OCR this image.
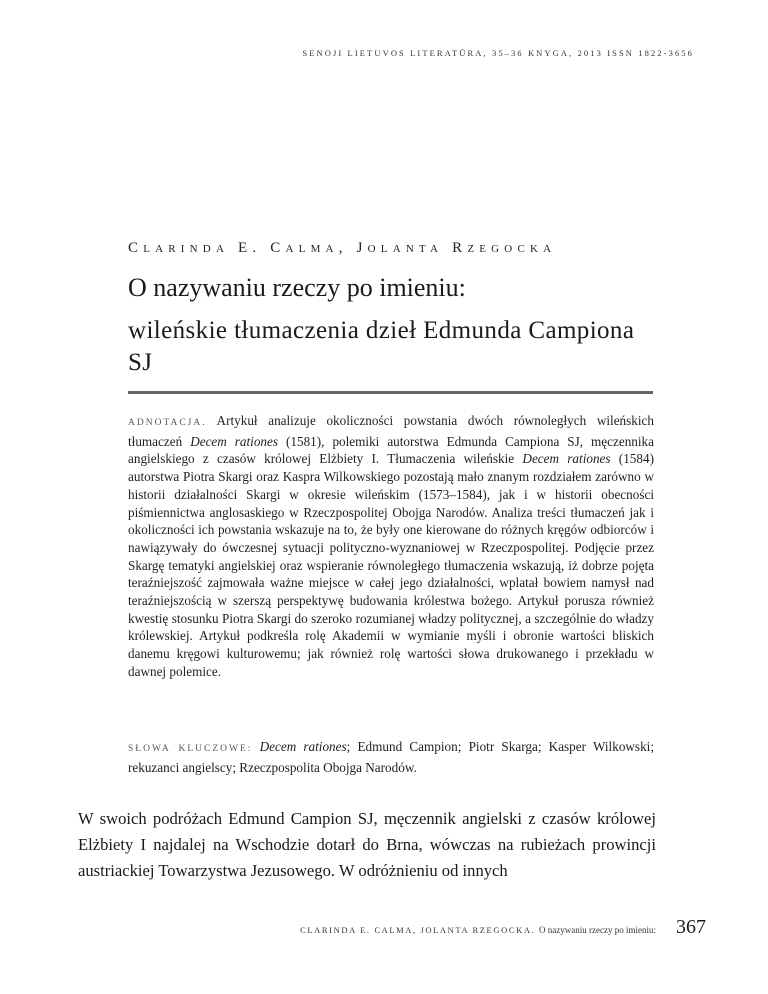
SENOJI LIETUVOS LITERATŪRA, 35–36 KNYGA, 2013 ISSN 1822-3656
Clarinda E. Calma, Jolanta Rzegocka
O nazywaniu rzeczy po imieniu:
wileńskie tłumaczenia dzieł Edmunda Campiona SJ

ADNOTACJA. Artykuł analizuje okoliczności powstania dwóch równoległych wileńskich tłumaczeń Decem rationes (1581), polemiki autorstwa Edmunda Campiona SJ, męczennika angielskiego z czasów królowej Elżbiety I. Tłumaczenia wileńskie Decem rationes (1584) autorstwa Piotra Skargi oraz Kaspra Wilkowskiego pozostają mało znanym rozdziałem zarówno w historii działalności Skargi w okresie wileńskim (1573–1584), jak i w historii obecności piśmiennictwa anglosaskiego w Rzeczpospolitej Obojga Narodów. Analiza treści tłumaczeń jak i okoliczności ich powstania wskazuje na to, że były one kierowane do różnych kręgów odbiorców i nawiązywały do ówczesnej sytuacji polityczno-wyznaniowej w Rzeczpospolitej. Podjęcie przez Skargę tematyki angielskiej oraz wspieranie równoległego tłumaczenia wskazują, iż dobrze pojęta teraźniejszość zajmowała ważne miejsce w całej jego działalności, wplatał bowiem namysł nad teraźniejszością w szerszą perspektywę budowania królestwa bożego. Artykuł porusza również kwestię stosunku Piotra Skargi do szeroko rozumianej władzy politycznej, a szczególnie do władzy królewskiej. Artykuł podkreśla rolę Akademii w wymianie myśli i obronie wartości bliskich danemu kręgowi kulturowemu; jak również rolę wartości słowa drukowanego i przekładu w dawnej polemice.

SŁOWA KLUCZOWE: Decem rationes; Edmund Campion; Piotr Skarga; Kasper Wilkowski; rekuzanci angielscy; Rzeczpospolita Obojga Narodów.

W swoich podróżach Edmund Campion SJ, męczennik angielski z czasów królowej Elżbiety I najdalej na Wschodzie dotarł do Brna, wówczas na rubieżach prowincji austriackiej Towarzystwa Jezusowego. W odróżnieniu od innych

CLARINDA E. CALMA, JOLANTA RZEGOCKA. O nazywaniu rzeczy po imieniu: 367
